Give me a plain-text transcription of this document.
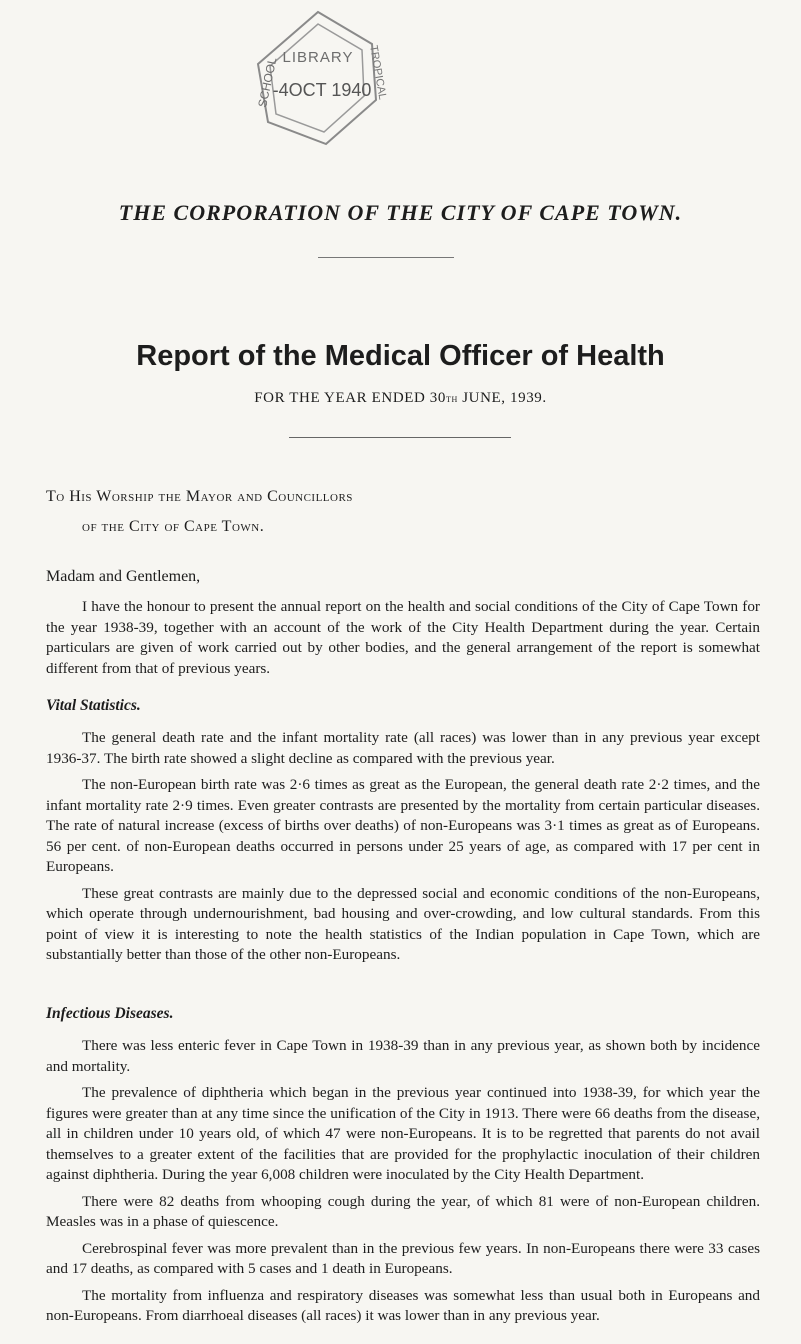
LIBRARY
-4OCT 1940
SCHOOL	TROPICAL
THE CORPORATION OF THE CITY OF CAPE TOWN.
Report of the Medical Officer of Health
FOR THE YEAR ENDED 30th JUNE, 1939.
To His Worship the Mayor and Councillors
of the City of Cape Town.
Madam and Gentlemen,

I have the honour to present the annual report on the health and social conditions of the City of Cape Town for the year 1938-39, together with an account of the work of the City Health Department during the year. Certain particulars are given of work carried out by other bodies, and the general arrangement of the report is somewhat different from that of previous years.

Vital Statistics.

The general death rate and the infant mortality rate (all races) was lower than in any previous year except 1936-37. The birth rate showed a slight decline as compared with the previous year.

The non-European birth rate was 2·6 times as great as the European, the general death rate 2·2 times, and the infant mortality rate 2·9 times. Even greater contrasts are presented by the mortality from certain particular diseases. The rate of natural increase (excess of births over deaths) of non-Europeans was 3·1 times as great as of Europeans. 56 per cent. of non-European deaths occurred in persons under 25 years of age, as compared with 17 per cent in Europeans.

These great contrasts are mainly due to the depressed social and economic conditions of the non-Europeans, which operate through undernourishment, bad housing and over-crowding, and low cultural standards. From this point of view it is interesting to note the health statistics of the Indian population in Cape Town, which are substantially better than those of the other non-Europeans.

Infectious Diseases.

There was less enteric fever in Cape Town in 1938-39 than in any previous year, as shown both by incidence and mortality.

The prevalence of diphtheria which began in the previous year continued into 1938-39, for which year the figures were greater than at any time since the unification of the City in 1913. There were 66 deaths from the disease, all in children under 10 years old, of which 47 were non-Europeans. It is to be regretted that parents do not avail themselves to a greater extent of the facilities that are provided for the prophylactic inoculation of their children against diphtheria. During the year 6,008 children were inoculated by the City Health Department.

There were 82 deaths from whooping cough during the year, of which 81 were of non-European children. Measles was in a phase of quiescence.

Cerebrospinal fever was more prevalent than in the previous few years. In non-Europeans there were 33 cases and 17 deaths, as compared with 5 cases and 1 death in Europeans.

The mortality from influenza and respiratory diseases was somewhat less than usual both in Europeans and non-Europeans. From diarrhoeal diseases (all races) it was lower than in any previous year.
